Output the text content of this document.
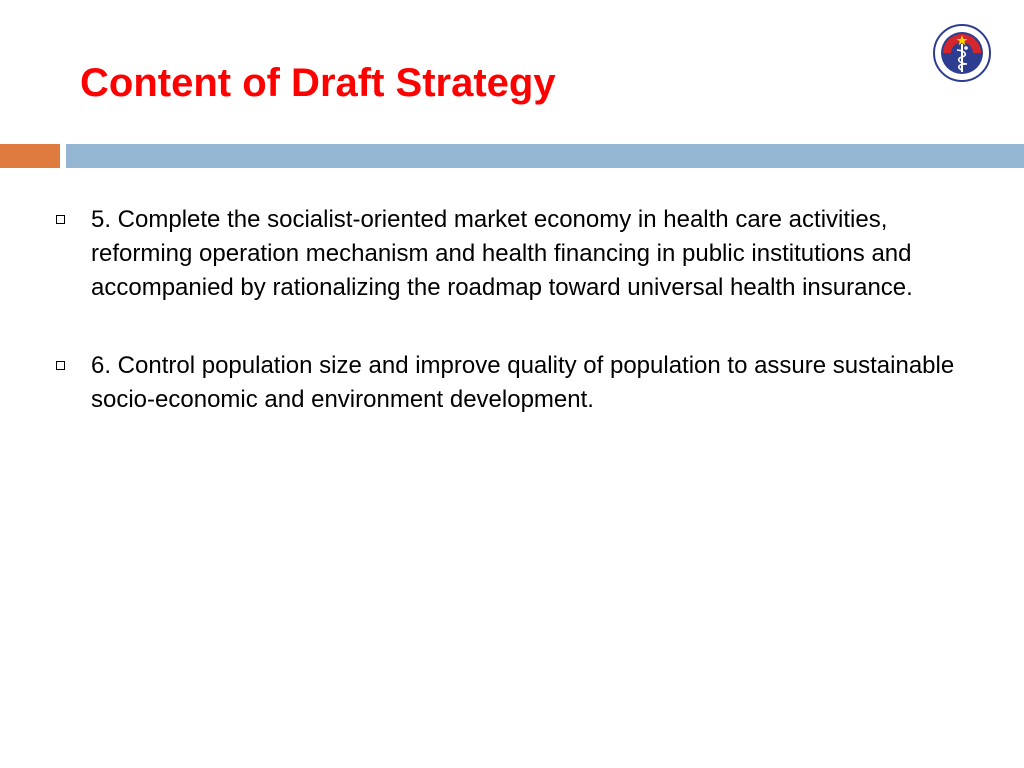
Content of Draft Strategy
5. Complete the socialist-oriented market economy in health care activities, reforming operation mechanism and health financing in public institutions and accompanied by rationalizing the roadmap toward universal health insurance.
6. Control population size and improve quality of population to assure sustainable socio-economic and environment development.
